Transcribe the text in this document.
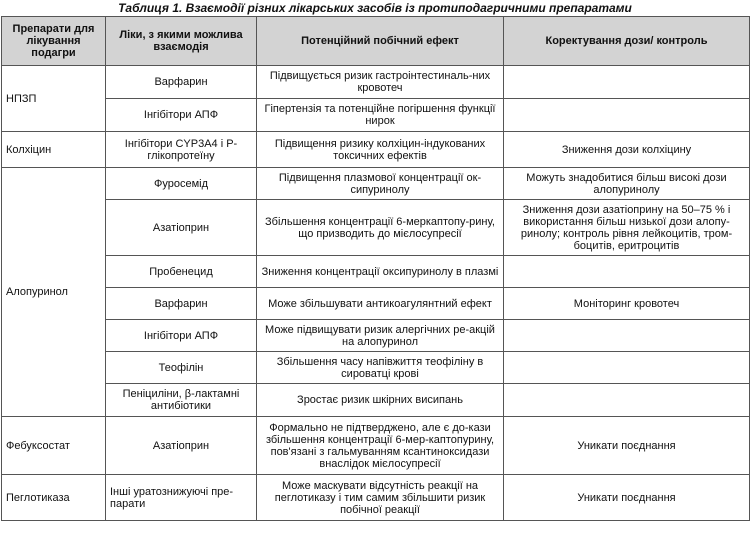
Таблиця 1. Взаємодії різних лікарських засобів із протиподагричними препаратами
Препарати для лікування подагри	Ліки, з якими можлива взаємодія	Потенційний побічний ефект	Коректування дози/ контроль
НПЗП	Варфарин	Підвищується ризик гастроінтестиналь-них кровотеч	
	Інгібітори АПФ	Гіпертензія та потенційне погіршення функції нирок	
Колхіцин	Інгібітори CYP3A4 і Р-глікопротеїну	Підвищення ризику колхіцин-індукованих токсичних ефектів	Зниження дози колхіцину
Алопуринол	Фуросемід	Підвищення плазмової концентрації ок-сипуринолу	Можуть знадобитися більш високі дози алопуринолу
	Азатіоприн	Збільшення концентрації 6-меркаптопу-рину, що призводить до мієлосупресії	Зниження дози азатіоприну на 50–75 % і використання більш низької дози алопу-ринолу; контроль рівня лейкоцитів, тром-боцитів, еритроцитів
	Пробенецид	Зниження концентрації оксипуринолу в плазмі	
	Варфарин	Може збільшувати антикоагулянтний ефект	Моніторинг кровотеч
	Інгібітори АПФ	Може підвищувати ризик алергічних ре-акцій на алопуринол	
	Теофілін	Збільшення часу напівжиття теофіліну в сироватці крові	
	Пеніциліни, β-лактамні антибіотики	Зростає ризик шкірних висипань	
Фебуксостат	Азатіоприн	Формально не підтверджено, але є до-кази збільшення концентрації 6-мер-каптопурину, пов'язані з гальмуванням ксантиноксидази внаслідок мієлосупресії	Уникати поєднання
Пеглотиказа	Інші уратознижуючі пре-парати	Може маскувати відсутність реакції на пеглотиказу і тим самим збільшити ризик побічної реакції	Уникати поєднання
